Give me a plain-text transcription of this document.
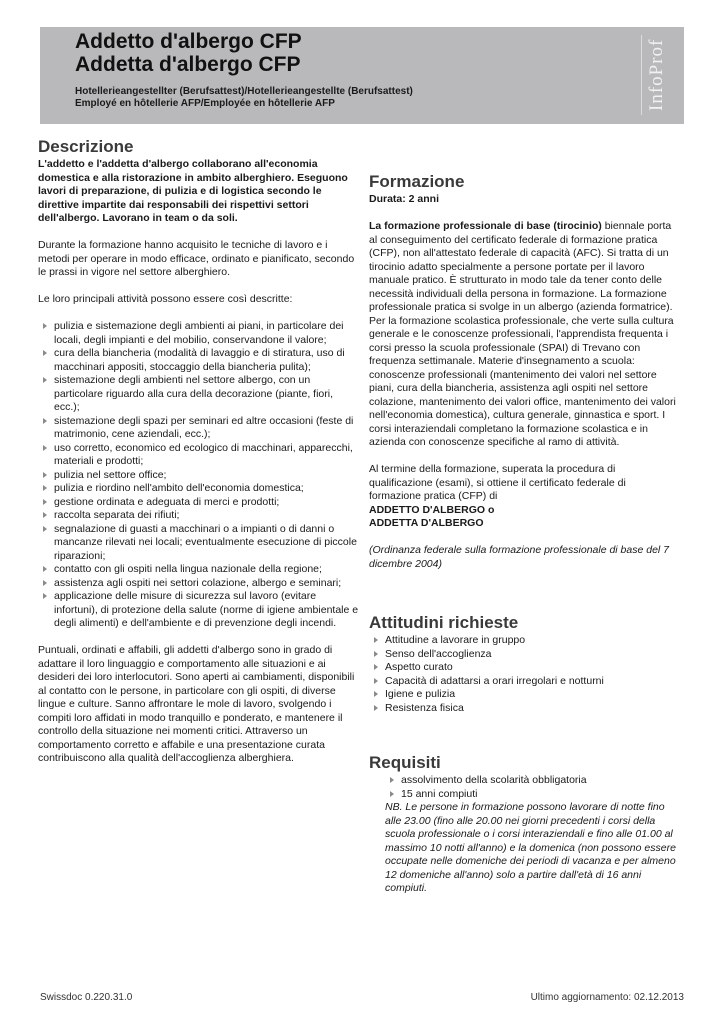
Addetto d'albergo CFP
Addetta d'albergo CFP

Hotellerieangestellter (Berufsattest)/Hotellerieangestellte (Berufsattest)
Employé en hôtellerie AFP/Employée en hôtellerie AFP	InfoProf
Descrizione

L'addetto e l'addetta d'albergo collaborano all'economia domestica e alla ristorazione in ambito alberghiero. Eseguono lavori di preparazione, di pulizia e di logistica secondo le direttive impartite dai responsabili dei rispettivi settori dell'albergo. Lavorano in team o da soli.

Durante la formazione hanno acquisito le tecniche di lavoro e i metodi per operare in modo efficace, ordinato e pianificato, secondo le prassi in vigore nel settore alberghiero.

Le loro principali attività possono essere così descritte:

pulizia e sistemazione degli ambienti ai piani, in particolare dei locali, degli impianti e del mobilio, conservandone il valore;
cura della biancheria (modalità di lavaggio e di stiratura, uso di macchinari appositi, stoccaggio della biancheria pulita);
sistemazione degli ambienti nel settore albergo, con un particolare riguardo alla cura della decorazione (piante, fiori, ecc.);
sistemazione degli spazi per seminari ed altre occasioni (feste di matrimonio, cene aziendali, ecc.);
uso corretto, economico ed ecologico di macchinari, apparecchi, materiali e prodotti;
pulizia nel settore office;
pulizia e riordino nell'ambito dell'economia domestica;
gestione ordinata e adeguata di merci e prodotti;
raccolta separata dei rifiuti;
segnalazione di guasti a macchinari o a impianti o di danni o mancanze rilevati nei locali; eventualmente esecuzione di piccole riparazioni;
contatto con gli ospiti nella lingua nazionale della regione;
assistenza agli ospiti nei settori colazione, albergo e seminari;
applicazione delle misure di sicurezza sul lavoro (evitare infortuni), di protezione della salute (norme di igiene ambientale e degli alimenti) e dell'ambiente e di prevenzione degli incendi.

Puntuali, ordinati e affabili, gli addetti d'albergo sono in grado di adattare il loro linguaggio e comportamento alle situazioni e ai desideri dei loro interlocutori. Sono aperti ai cambiamenti, disponibili al contatto con le persone, in particolare con gli ospiti, di diverse lingue e culture. Sanno affrontare le mole di lavoro, svolgendo i compiti loro affidati in modo tranquillo e ponderato, e mantenere il controllo della situazione nei momenti critici. Attraverso un comportamento corretto e affabile e una presentazione curata contribuiscono alla qualità dell'accoglienza alberghiera.

Formazione

Durata: 2 anni

La formazione professionale di base (tirocinio) biennale porta al conseguimento del certificato federale di formazione pratica (CFP), non all'attestato federale di capacità (AFC). Si tratta di un tirocinio adatto specialmente a persone portate per il lavoro manuale pratico. È strutturato in modo tale da tener conto delle necessità individuali della persona in formazione. La formazione professionale pratica si svolge in un albergo (azienda formatrice). Per la formazione scolastica professionale, che verte sulla cultura generale e le conoscenze professionali, l'apprendista frequenta i corsi presso la scuola professionale (SPAI) di Trevano con frequenza settimanale. Materie d'insegnamento a scuola: conoscenze professionali (mantenimento dei valori nel settore piani, cura della biancheria, assistenza agli ospiti nel settore colazione, mantenimento dei valori office, mantenimento dei valori nell'economia domestica), cultura generale, ginnastica e sport. I corsi interaziendali completano la formazione scolastica e in azienda con conoscenze specifiche al ramo di attività.

Al termine della formazione, superata la procedura di qualificazione (esami), si ottiene il certificato federale di formazione pratica (CFP) di

ADDETTO D'ALBERGO o

ADDETTA D'ALBERGO

(Ordinanza federale sulla formazione professionale di base del 7 dicembre 2004)

Attitudini richieste
Attitudine a lavorare in gruppo
Senso dell'accoglienza
Aspetto curato
Capacità di adattarsi a orari irregolari e notturni
Igiene e pulizia
Resistenza fisica
Requisiti
assolvimento della scolarità obbligatoria
15 anni compiuti

NB. Le persone in formazione possono lavorare di notte fino alle 23.00 (fino alle 20.00 nei giorni precedenti i corsi della scuola professionale o i corsi interaziendali e fino alle 01.00 al massimo 10 notti all'anno) e la domenica (non possono essere occupate nelle domeniche dei periodi di vacanza e per almeno 12 domeniche all'anno) solo a partire dall'età di 16 anni compiuti.

Swissdoc 0.220.31.0	Ultimo aggiornamento: 02.12.2013
